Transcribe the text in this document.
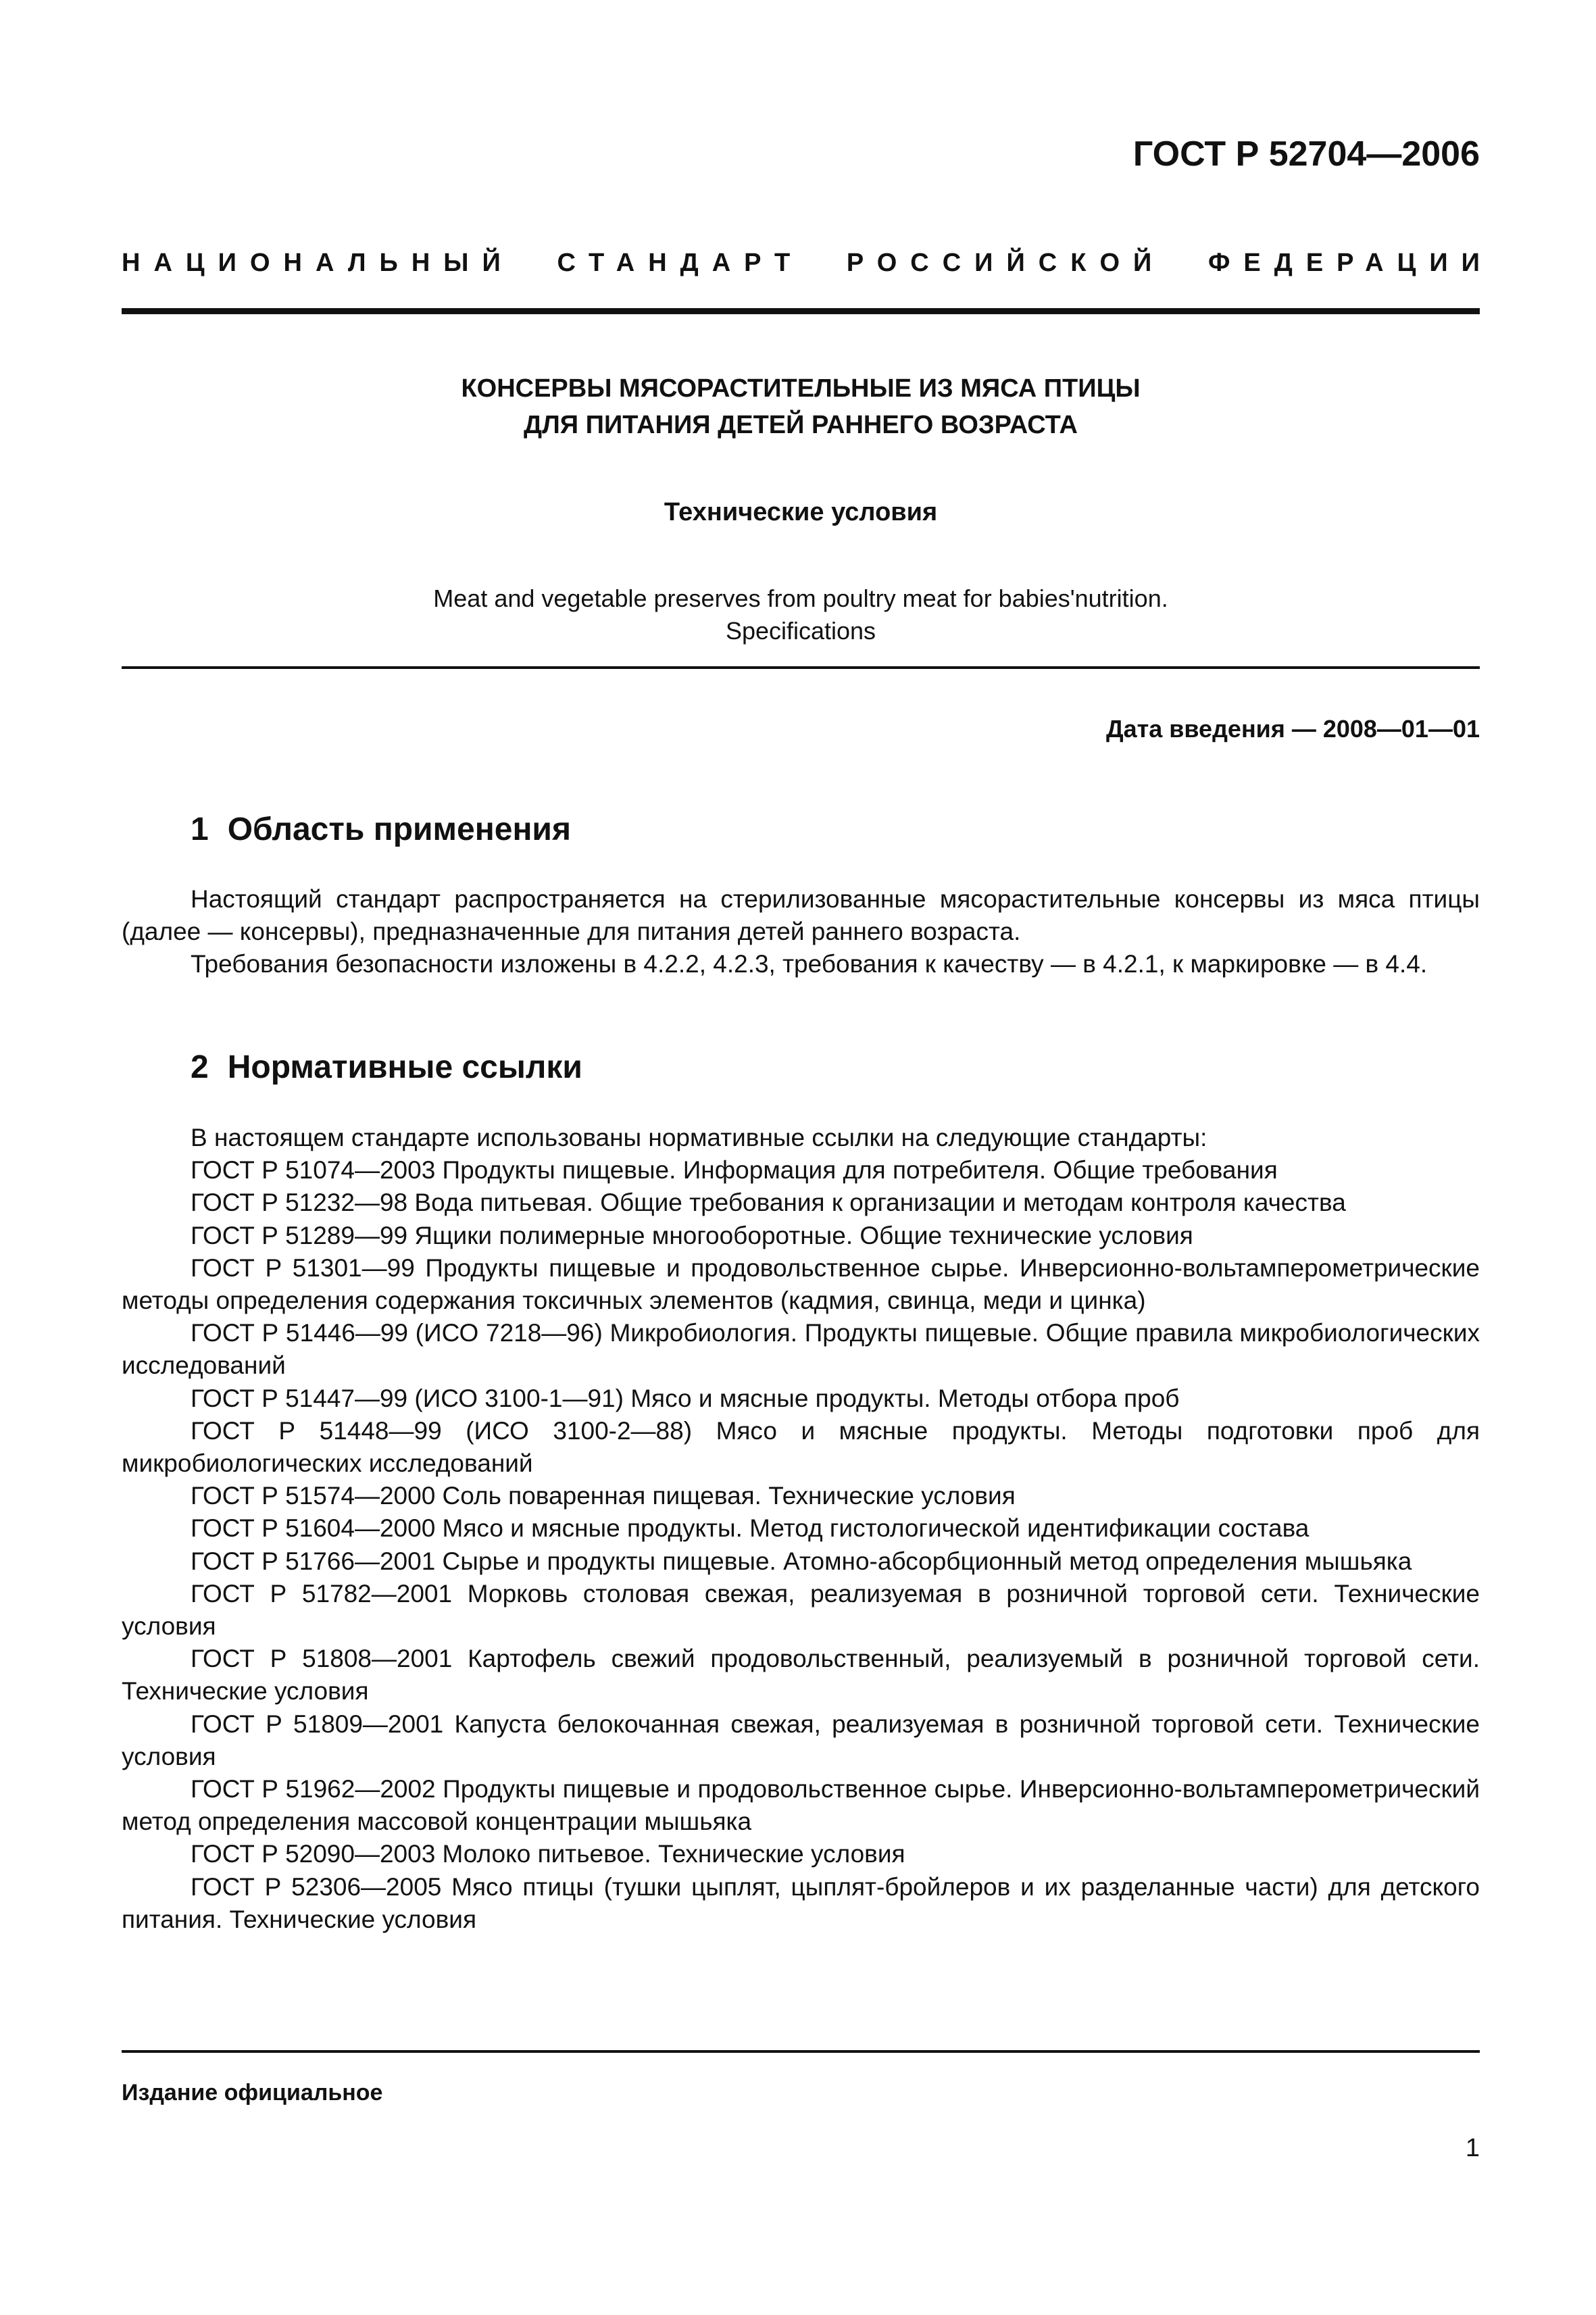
ГОСТ Р 52704—2006
НАЦИОНАЛЬНЫЙ СТАНДАРТ РОССИЙСКОЙ ФЕДЕРАЦИИ
КОНСЕРВЫ МЯСОРАСТИТЕЛЬНЫЕ ИЗ МЯСА ПТИЦЫ
ДЛЯ ПИТАНИЯ ДЕТЕЙ РАННЕГО ВОЗРАСТА
Технические условия
Meat and vegetable preserves from poultry meat for babies'nutrition.
Specifications
Дата введения — 2008—01—01
1 Область применения

Настоящий стандарт распространяется на стерилизованные мясорастительные консервы из мяса птицы (далее — консервы), предназначенные для питания детей раннего возраста.

Требования безопасности изложены в 4.2.2, 4.2.3, требования к качеству — в 4.2.1, к маркировке — в 4.4.

2 Нормативные ссылки

В настоящем стандарте использованы нормативные ссылки на следующие стандарты:

ГОСТ Р 51074—2003 Продукты пищевые. Информация для потребителя. Общие требования

ГОСТ Р 51232—98 Вода питьевая. Общие требования к организации и методам контроля качества

ГОСТ Р 51289—99 Ящики полимерные многооборотные. Общие технические условия

ГОСТ Р 51301—99 Продукты пищевые и продовольственное сырье. Инверсионно-вольтамперометрические методы определения содержания токсичных элементов (кадмия, свинца, меди и цинка)

ГОСТ Р 51446—99 (ИСО 7218—96) Микробиология. Продукты пищевые. Общие правила микробиологических исследований

ГОСТ Р 51447—99 (ИСО 3100-1—91) Мясо и мясные продукты. Методы отбора проб

ГОСТ Р 51448—99 (ИСО 3100-2—88) Мясо и мясные продукты. Методы подготовки проб для микробиологических исследований

ГОСТ Р 51574—2000 Соль поваренная пищевая. Технические условия

ГОСТ Р 51604—2000 Мясо и мясные продукты. Метод гистологической идентификации состава

ГОСТ Р 51766—2001 Сырье и продукты пищевые. Атомно-абсорбционный метод определения мышьяка

ГОСТ Р 51782—2001 Морковь столовая свежая, реализуемая в розничной торговой сети. Технические условия

ГОСТ Р 51808—2001 Картофель свежий продовольственный, реализуемый в розничной торговой сети. Технические условия

ГОСТ Р 51809—2001 Капуста белокочанная свежая, реализуемая в розничной торговой сети. Технические условия

ГОСТ Р 51962—2002 Продукты пищевые и продовольственное сырье. Инверсионно-вольтамперометрический метод определения массовой концентрации мышьяка

ГОСТ Р 52090—2003 Молоко питьевое. Технические условия

ГОСТ Р 52306—2005 Мясо птицы (тушки цыплят, цыплят-бройлеров и их разделанные части) для детского питания. Технические условия

Издание официальное
1
